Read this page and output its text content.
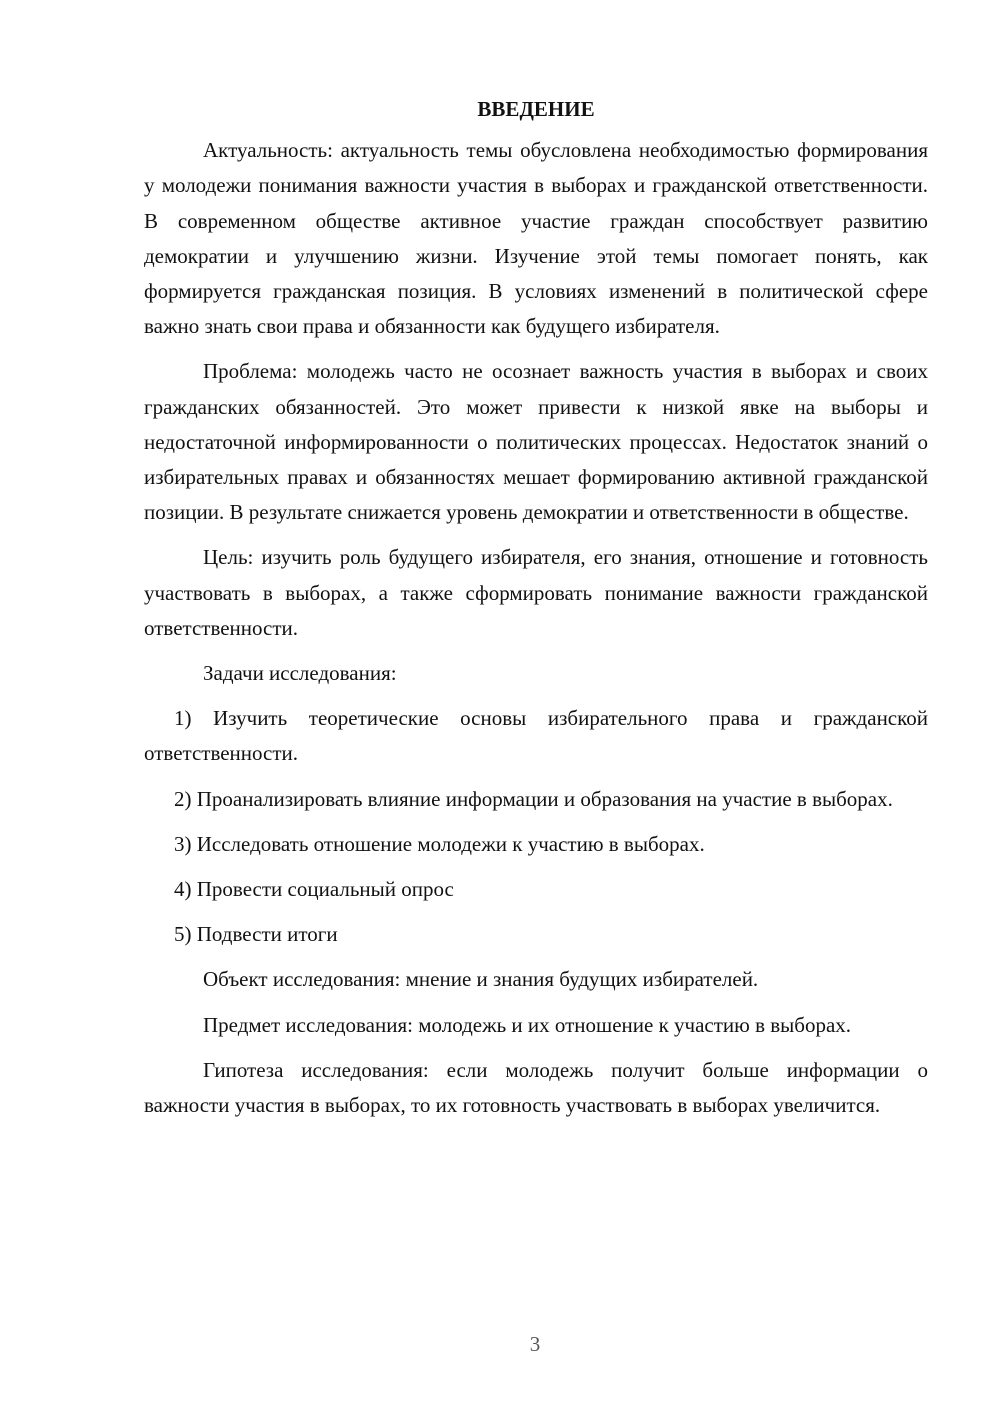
ВВЕДЕНИЕ

Актуальность: актуальность темы обусловлена необходимостью формирования у молодежи понимания важности участия в выборах и гражданской ответственности. В современном обществе активное участие граждан способствует развитию демократии и улучшению жизни. Изучение этой темы помогает понять, как формируется гражданская позиция. В условиях изменений в политической сфере важно знать свои права и обязанности как будущего избирателя.

Проблема: молодежь часто не осознает важность участия в выборах и своих гражданских обязанностей. Это может привести к низкой явке на выборы и недостаточной информированности о политических процессах. Недостаток знаний о избирательных правах и обязанностях мешает формированию активной гражданской позиции. В результате снижается уровень демократии и ответственности в обществе.

Цель: изучить роль будущего избирателя, его знания, отношение и готовность участвовать в выборах, а также сформировать понимание важности гражданской ответственности.

Задачи исследования:

1) Изучить теоретические основы избирательного права и гражданской ответственности.

2) Проанализировать влияние информации и образования на участие в выборах.

3) Исследовать отношение молодежи к участию в выборах.

4) Провести социальный опрос

5) Подвести итоги

Объект исследования: мнение и знания будущих избирателей.

Предмет исследования: молодежь и их отношение к участию в выборах.

Гипотеза исследования: если молодежь получит больше информации о важности участия в выборах, то их готовность участвовать в выборах увеличится.

3
